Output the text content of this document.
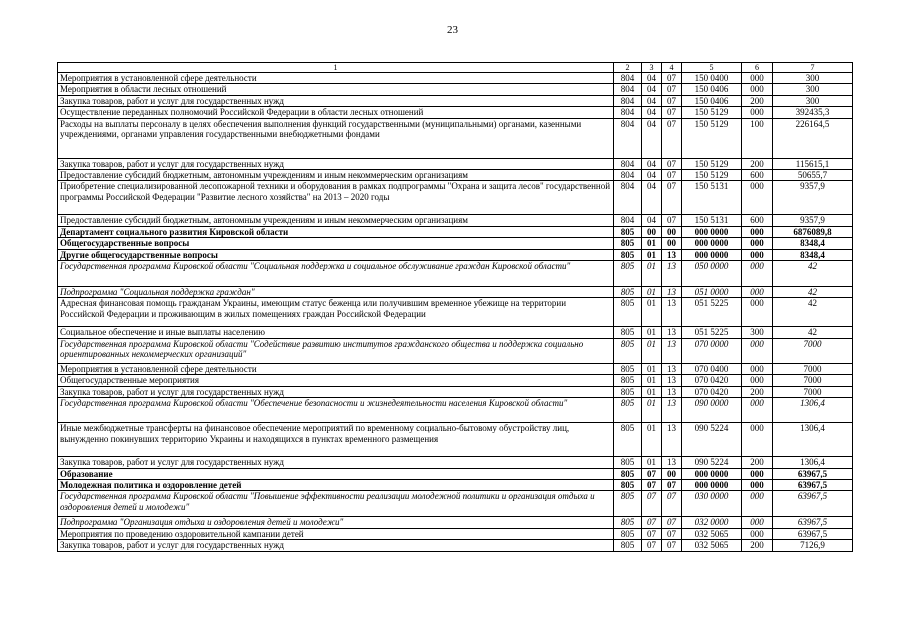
23
1	2	3	4	5	6	7
Мероприятия в установленной сфере деятельности	804	04	07	150 0400	000	300
Мероприятия в области лесных отношений	804	04	07	150 0406	000	300
Закупка товаров, работ и услуг для государственных нужд	804	04	07	150 0406	200	300
Осуществление переданных полномочий Российской Федерации в области лесных отношений	804	04	07	150 5129	000	392435,3
Расходы на выплаты персоналу в целях обеспечения выполнения функций государственными (муниципальными) органами, казенными учреждениями, органами управления государственными внебюджетными фондами	804	04	07	150 5129	100	226164,5
Закупка товаров, работ и услуг для государственных нужд	804	04	07	150 5129	200	115615,1
Предоставление субсидий бюджетным, автономным учреждениям и иным некоммерческим организациям	804	04	07	150 5129	600	50655,7
Приобретение специализированной лесопожарной техники и оборудования в рамках подпрограммы "Охрана и защита лесов" государственной программы Российской Федерации "Развитие лесного хозяйства" на 2013 – 2020 годы	804	04	07	150 5131	000	9357,9
Предоставление субсидий бюджетным, автономным учреждениям и иным некоммерческим организациям	804	04	07	150 5131	600	9357,9
Департамент социального развития Кировской области	805	00	00	000 0000	000	6876089,8
Общегосударственные вопросы	805	01	00	000 0000	000	8348,4
Другие общегосударственные вопросы	805	01	13	000 0000	000	8348,4
Государственная программа Кировской области "Социальная поддержка и социальное обслуживание граждан Кировской области"	805	01	13	050 0000	000	42
Подпрограмма "Социальная поддержка граждан"	805	01	13	051 0000	000	42
Адресная финансовая помощь гражданам Украины, имеющим статус беженца или получившим временное убежище на территории Российской Федерации и проживающим в жилых помещениях граждан Российской Федерации	805	01	13	051 5225	000	42
Социальное обеспечение и иные выплаты населению	805	01	13	051 5225	300	42
Государственная программа Кировской области "Содействие развитию институтов гражданского общества и поддержка социально ориентированных некоммерческих организаций"	805	01	13	070 0000	000	7000
Мероприятия в установленной сфере деятельности	805	01	13	070 0400	000	7000
Общегосударственные мероприятия	805	01	13	070 0420	000	7000
Закупка товаров, работ и услуг для государственных нужд	805	01	13	070 0420	200	7000
Государственная программа Кировской области "Обеспечение безопасности и жизнедеятельности населения Кировской области"	805	01	13	090 0000	000	1306,4
Иные межбюджетные трансферты на финансовое обеспечение мероприятий по временному социально-бытовому обустройству лиц, вынужденно покинувших территорию Украины и находящихся в пунктах временного размещения	805	01	13	090 5224	000	1306,4
Закупка товаров, работ и услуг для государственных нужд	805	01	13	090 5224	200	1306,4
Образование	805	07	00	000 0000	000	63967,5
Молодежная политика и оздоровление детей	805	07	07	000 0000	000	63967,5
Государственная программа Кировской области "Повышение эффективности реализации молодежной политики и организация отдыха и оздоровления детей и молодежи"	805	07	07	030 0000	000	63967,5
Подпрограмма "Организация отдыха и оздоровления детей и молодежи"	805	07	07	032 0000	000	63967,5
Мероприятия по проведению оздоровительной кампании детей	805	07	07	032 5065	000	63967,5
Закупка товаров, работ и услуг для государственных нужд	805	07	07	032 5065	200	7126,9
